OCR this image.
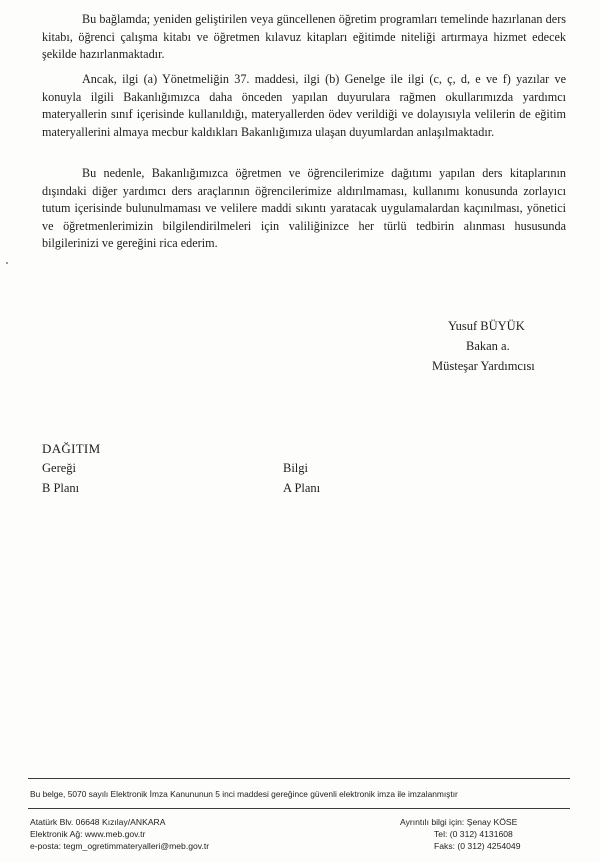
Bu bağlamda; yeniden geliştirilen veya güncellenen öğretim programları temelinde hazırlanan ders kitabı, öğrenci çalışma kitabı ve öğretmen kılavuz kitapları eğitimde niteliği artırmaya hizmet edecek şekilde hazırlanmaktadır.

Ancak, ilgi (a) Yönetmeliğin 37. maddesi, ilgi (b) Genelge ile ilgi (c, ç, d, e ve f) yazılar ve konuyla ilgili Bakanlığımızca daha önceden yapılan duyurulara rağmen okullarımızda yardımcı materyallerin sınıf içerisinde kullanıldığı, materyallerden ödev verildiği ve dolayısıyla velilerin de eğitim materyallerini almaya mecbur kaldıkları Bakanlığımıza ulaşan duyumlardan anlaşılmaktadır.

Bu nedenle, Bakanlığımızca öğretmen ve öğrencilerimize dağıtımı yapılan ders kitaplarının dışındaki diğer yardımcı ders araçlarının öğrencilerimize aldırılmaması, kullanımı konusunda zorlayıcı tutum içerisinde bulunulmaması ve velilere maddi sıkıntı yaratacak uygulamalardan kaçınılması, yönetici ve öğretmenlerimizin bilgilendirilmeleri için valiliğinizce her türlü tedbirin alınması hususunda bilgilerinizi ve gereğini rica ederim.

Yusuf BÜYÜK
Bakan a.
Müsteşar Yardımcısı
DAĞITIM
Gereği
B Planı
Bilgi
A Planı
Bu belge, 5070 sayılı Elektronik İmza Kanununun 5 inci maddesi gereğince güvenli elektronik imza ile imzalanmıştır
Atatürk Blv. 06648 Kızılay/ANKARA
Elektronik Ağ: www.meb.gov.tr
e-posta: tegm_ogretimmateryalleri@meb.gov.tr
Ayrıntılı bilgi için: Şenay KÖSE
Tel: (0 312) 4131608
Faks: (0 312) 4254049
